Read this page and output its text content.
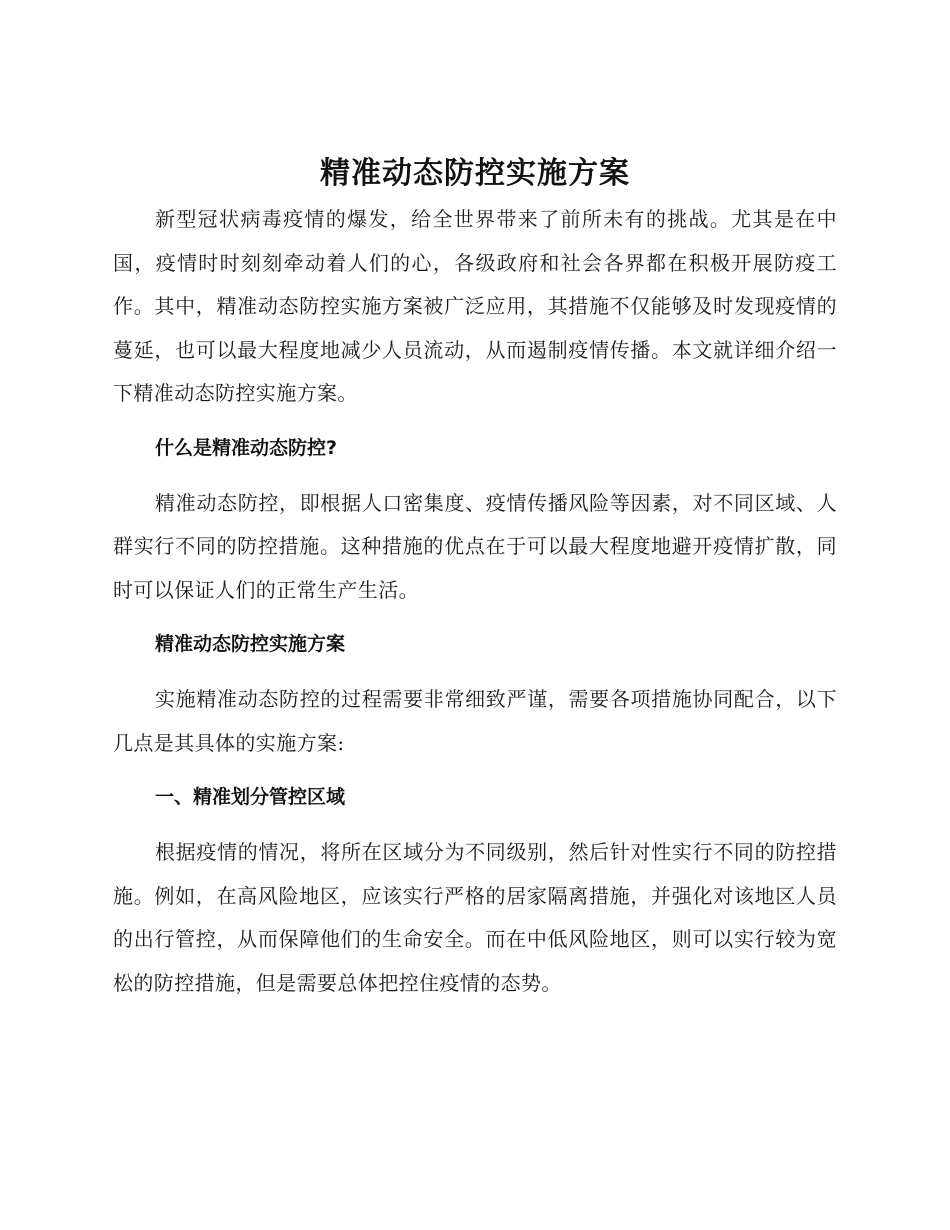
精准动态防控实施方案

新型冠状病毒疫情的爆发，给全世界带来了前所未有的挑战。尤其是在中国，疫情时时刻刻牵动着人们的心，各级政府和社会各界都在积极开展防疫工作。其中，精准动态防控实施方案被广泛应用，其措施不仅能够及时发现疫情的蔓延，也可以最大程度地减少人员流动，从而遏制疫情传播。本文就详细介绍一下精准动态防控实施方案。

什么是精准动态防控?

精准动态防控，即根据人口密集度、疫情传播风险等因素，对不同区域、人群实行不同的防控措施。这种措施的优点在于可以最大程度地避开疫情扩散，同时可以保证人们的正常生产生活。

精准动态防控实施方案

实施精准动态防控的过程需要非常细致严谨，需要各项措施协同配合，以下几点是其具体的实施方案:

一、精准划分管控区域

根据疫情的情况，将所在区域分为不同级别，然后针对性实行不同的防控措施。例如，在高风险地区，应该实行严格的居家隔离措施，并强化对该地区人员的出行管控，从而保障他们的生命安全。而在中低风险地区，则可以实行较为宽松的防控措施，但是需要总体把控住疫情的态势。
